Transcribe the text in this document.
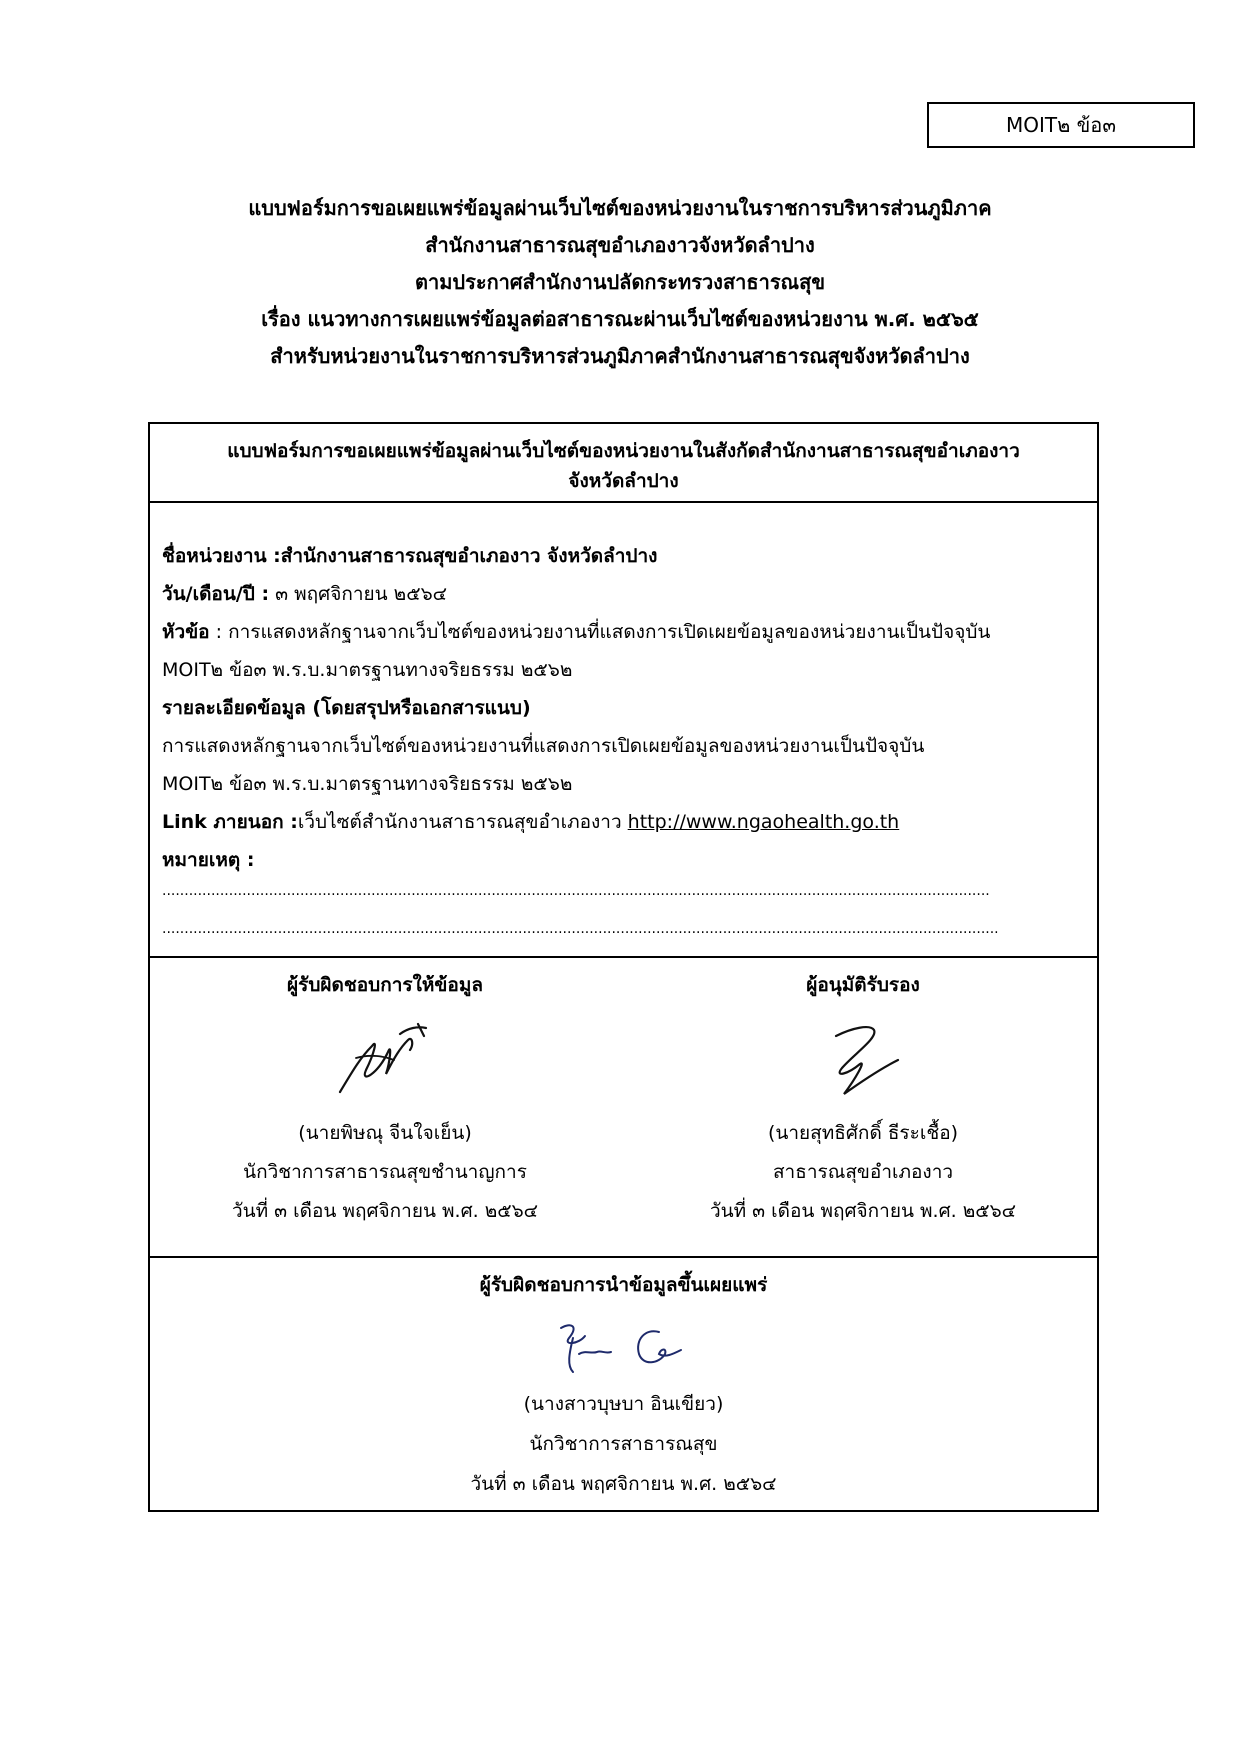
MOIT๒ ข้อ๓
แบบฟอร์มการขอเผยแพร่ข้อมูลผ่านเว็บไซต์ของหน่วยงานในราชการบริหารส่วนภูมิภาค
สำนักงานสาธารณสุขอำเภองาวจังหวัดลำปาง
ตามประกาศสำนักงานปลัดกระทรวงสาธารณสุข
เรื่อง แนวทางการเผยแพร่ข้อมูลต่อสาธารณะผ่านเว็บไซต์ของหน่วยงาน พ.ศ. ๒๕๖๕
สำหรับหน่วยงานในราชการบริหารส่วนภูมิภาคสำนักงานสาธารณสุขจังหวัดลำปาง
แบบฟอร์มการขอเผยแพร่ข้อมูลผ่านเว็บไซต์ของหน่วยงานในสังกัดสำนักงานสาธารณสุขอำเภองาว
จังหวัดลำปาง
ชื่อหน่วยงาน :สำนักงานสาธารณสุขอำเภองาว จังหวัดลำปาง
วัน/เดือน/ปี : ๓ พฤศจิกายน ๒๕๖๔
หัวข้อ : การแสดงหลักฐานจากเว็บไซต์ของหน่วยงานที่แสดงการเปิดเผยข้อมูลของหน่วยงานเป็นปัจจุบัน
MOIT๒ ข้อ๓ พ.ร.บ.มาตรฐานทางจริยธรรม ๒๕๖๒
รายละเอียดข้อมูล (โดยสรุปหรือเอกสารแนบ)
การแสดงหลักฐานจากเว็บไซต์ของหน่วยงานที่แสดงการเปิดเผยข้อมูลของหน่วยงานเป็นปัจจุบัน
MOIT๒ ข้อ๓ พ.ร.บ.มาตรฐานทางจริยธรรม ๒๕๖๒
Link ภายนอก :เว็บไซต์สำนักงานสาธารณสุขอำเภองาว http://www.ngaohealth.go.th
หมายเหตุ :
..........................................................................................................................................................................................
............................................................................................................................................................................................
ผู้รับผิดชอบการให้ข้อมูล
(นายพิษณุ จีนใจเย็น)
นักวิชาการสาธารณสุขชำนาญการ
วันที่ ๓ เดือน พฤศจิกายน พ.ศ. ๒๕๖๔
ผู้อนุมัติรับรอง
(นายสุทธิศักดิ์ ธีระเชื้อ)
สาธารณสุขอำเภองาว
วันที่ ๓ เดือน พฤศจิกายน พ.ศ. ๒๕๖๔
ผู้รับผิดชอบการนำข้อมูลขึ้นเผยแพร่
(นางสาวบุษบา อินเขียว)
นักวิชาการสาธารณสุข
วันที่ ๓ เดือน พฤศจิกายน พ.ศ. ๒๕๖๔
